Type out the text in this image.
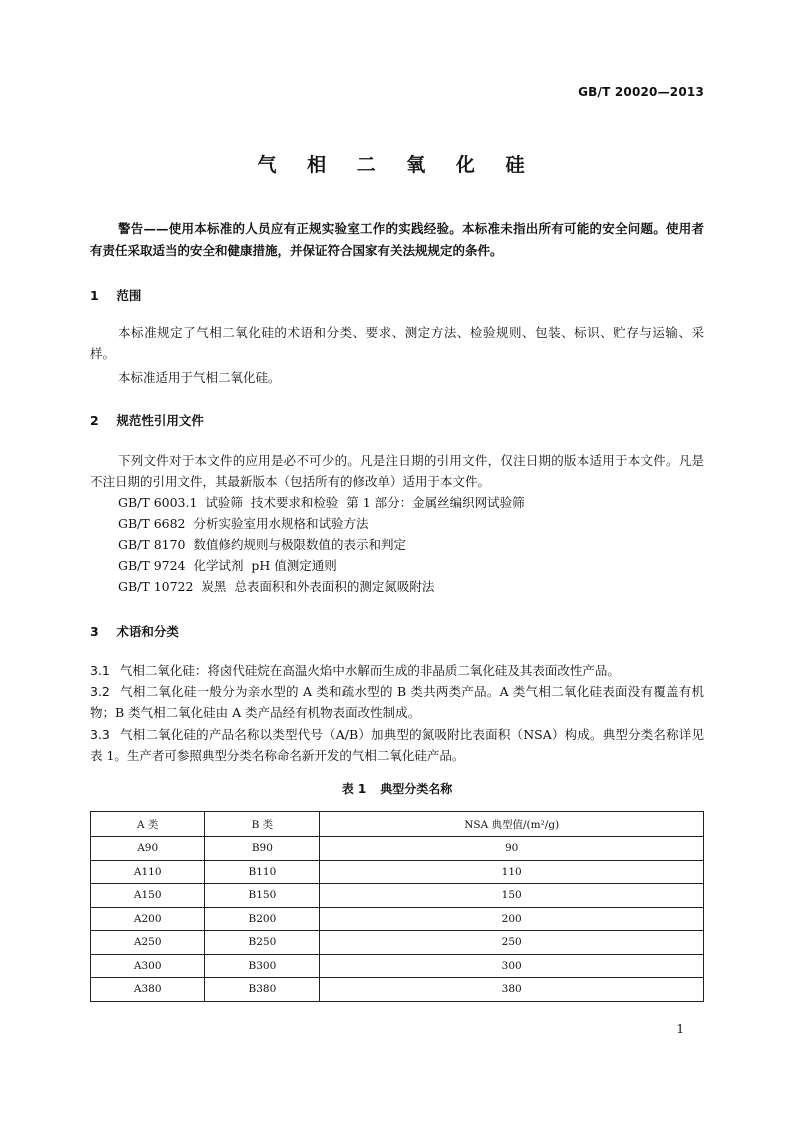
GB/T 20020—2013
气 相 二 氧 化 硅
警告——使用本标准的人员应有正规实验室工作的实践经验。本标准未指出所有可能的安全问题。使用者有责任采取适当的安全和健康措施，并保证符合国家有关法规规定的条件。
1 范围
本标准规定了气相二氧化硅的术语和分类、要求、测定方法、检验规则、包装、标识、贮存与运输、采样。
本标准适用于气相二氧化硅。
2 规范性引用文件
下列文件对于本文件的应用是必不可少的。凡是注日期的引用文件，仅注日期的版本适用于本文件。凡是不注日期的引用文件，其最新版本（包括所有的修改单）适用于本文件。
GB/T 6003.1  试验筛  技术要求和检验  第 1 部分：金属丝编织网试验筛
GB/T 6682  分析实验室用水规格和试验方法
GB/T 8170  数值修约规则与极限数值的表示和判定
GB/T 9724  化学试剂  pH 值测定通则
GB/T 10722  炭黑  总表面积和外表面积的测定氮吸附法
3 术语和分类
3.1 气相二氧化硅：将卤代硅烷在高温火焰中水解而生成的非晶质二氧化硅及其表面改性产品。
3.2 气相二氧化硅一般分为亲水型的 A 类和疏水型的 B 类共两类产品。A 类气相二氧化硅表面没有覆盖有机物；B 类气相二氧化硅由 A 类产品经有机物表面改性制成。
3.3 气相二氧化硅的产品名称以类型代号（A/B）加典型的氮吸附比表面积（NSA）构成。典型分类名称详见表 1。生产者可参照典型分类名称命名新开发的气相二氧化硅产品。
表 1 典型分类名称
A 类	B 类	NSA 典型值/(m²/g)
A90	B90	90
A110	B110	110
A150	B150	150
A200	B200	200
A250	B250	250
A300	B300	300
A380	B380	380
1
